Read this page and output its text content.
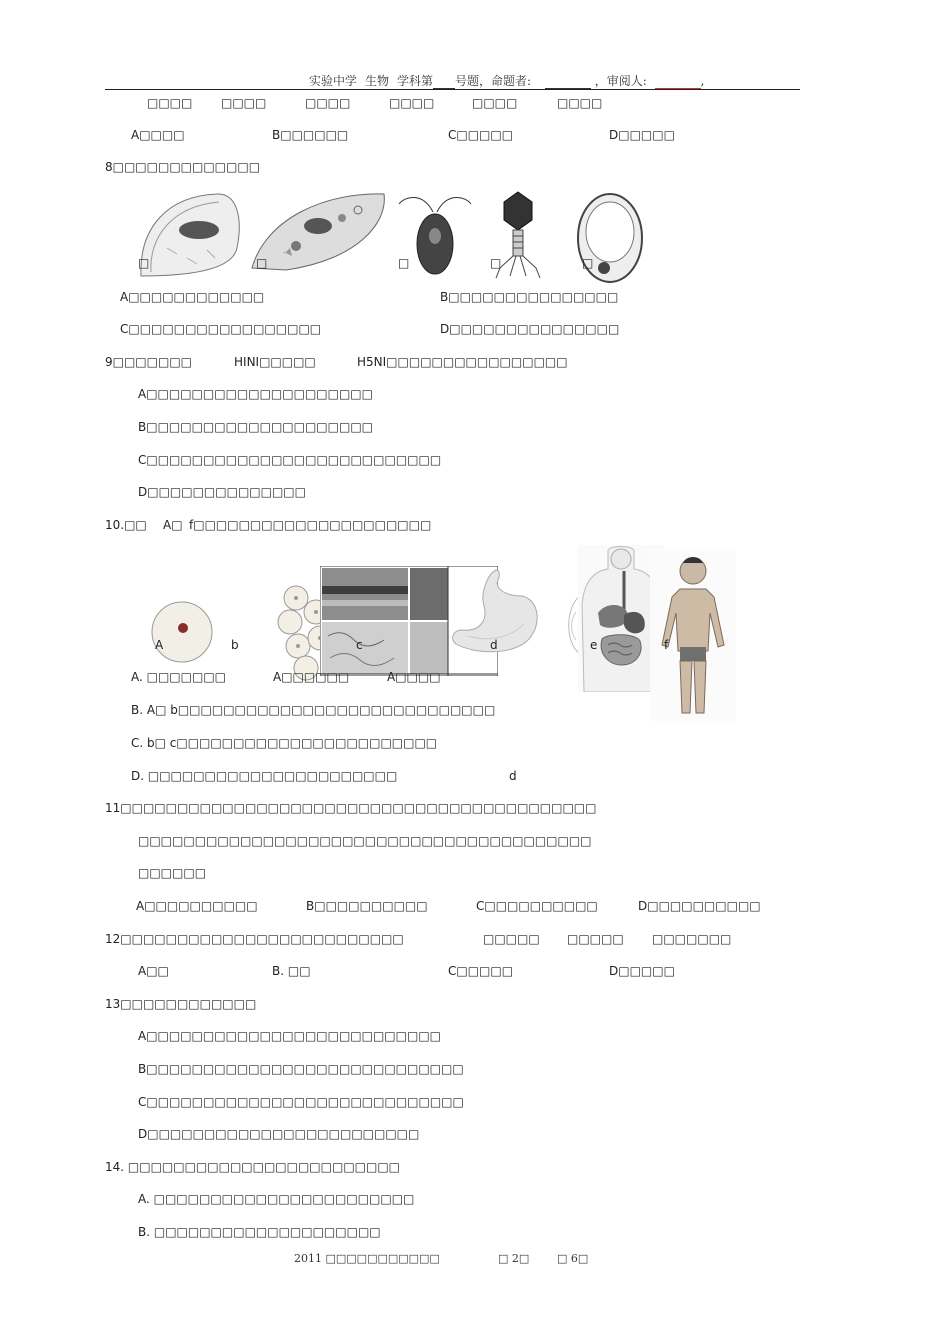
实验中学 生物 学科第 号题，命题者:	，审阅人:	,
□□□□ □□□□	□□□□	□□□□	□□□□	□□□□
A□□□□	B□□□□□□	C□□□□□	D□□□□□
8□□□□□□□□□□□□□
□	□	□	□	□
A□□□□□□□□□□□□	B□□□□□□□□□□□□□□□
C□□□□□□□□□□□□□□□□□	D□□□□□□□□□□□□□□□
9□□□□□□□	HINI□□□□□	H5NI□□□□□□□□□□□□□□□□
A□□□□□□□□□□□□□□□□□□□□
B□□□□□□□□□□□□□□□□□□□□
C□□□□□□□□□□□□□□□□□□□□□□□□□□
D□□□□□□□□□□□□□□
10.□□ A□ f□□□□□□□□□□□□□□□□□□□□□
A	b	c	d	e	f
A. □□□□□□□	A□□□□□□	A□□□□
B. A□ b□□□□□□□□□□□□□□□□□□□□□□□□□□□□
C. b□ c□□□□□□□□□□□□□□□□□□□□□□□
D. □□□□□□□□□□□□□□□□□□□□□□	d
11□□□□□□□□□□□□□□□□□□□□□□□□□□□□□□□□□□□□□□□□□□
□□□□□□□□□□□□□□□□□□□□□□□□□□□□□□□□□□□□□□□□
□□□□□□
A□□□□□□□□□□	B□□□□□□□□□□	C□□□□□□□□□□	D□□□□□□□□□□
12□□□□□□□□□□□□□□□□□□□□□□□□□	□□□□□ □□□□□ □□□□□□□
A□□	B. □□	C□□□□□	D□□□□□
13□□□□□□□□□□□□
A□□□□□□□□□□□□□□□□□□□□□□□□□□
B□□□□□□□□□□□□□□□□□□□□□□□□□□□□
C□□□□□□□□□□□□□□□□□□□□□□□□□□□□
D□□□□□□□□□□□□□□□□□□□□□□□□
14. □□□□□□□□□□□□□□□□□□□□□□□□
A. □□□□□□□□□□□□□□□□□□□□□□□
B. □□□□□□□□□□□□□□□□□□□□
2011 □□□□□□□□□□□	□ 2□	□ 6□
